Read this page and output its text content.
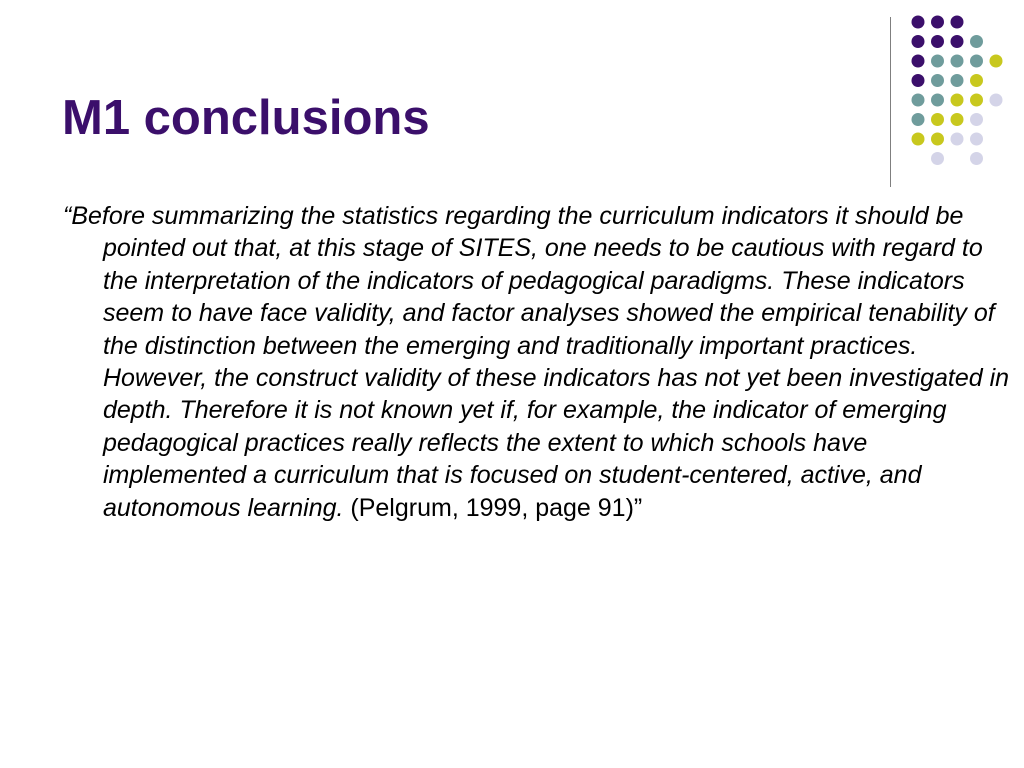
M1 conclusions

“Before summarizing the statistics regarding the curriculum indicators it should be pointed out that, at this stage of SITES, one needs to be cautious with regard to the interpretation of the indicators of pedagogical paradigms. These indicators seem to have face validity, and factor analyses showed the empirical tenability of the distinction between the emerging and traditionally important practices. However, the construct validity of these indicators has not yet been investigated in depth. Therefore it is not known yet if, for example, the indicator of emerging pedagogical practices really reflects the extent to which schools have implemented a curriculum that is focused on student-centered, active, and autonomous learning. (Pelgrum, 1999, page 91)”
